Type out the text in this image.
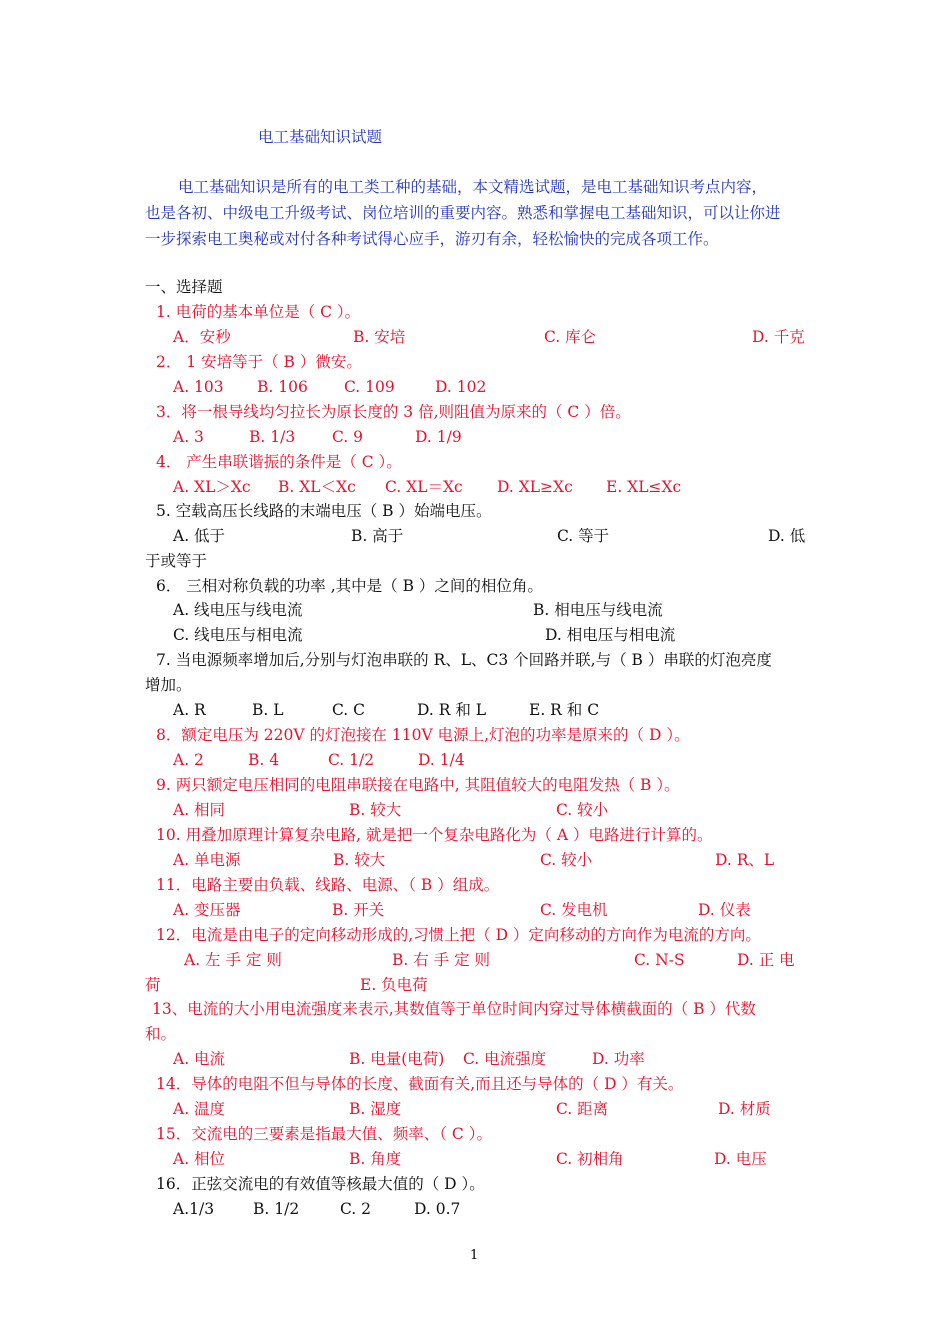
电工基础知识试题
电工基础知识是所有的电工类工种的基础，本文精选试题，是电工基础知识考点内容，
也是各初、中级电工升级考试、岗位培训的重要内容。熟悉和掌握电工基础知识，可以让你进
一步探索电工奥秘或对付各种考试得心应手，游刃有余，轻松愉快的完成各项工作。
一、选择题
1. 电荷的基本单位是（ C ）。
A．安秒	B. 安培	C. 库仑	D. 千克
2． 1 安培等于（ B ）微安。
A. 103 B. 106 C. 109	D. 102
3．将一根导线均匀拉长为原长度的 3 倍,则阻值为原来的（ C ）倍。
A. 3	B. 1/3 C. 9	D. 1/9
4． 产生串联谐振的条件是（ C ）。
A. XL＞Xc B. XL＜Xc C. XL＝Xc D. XL≥Xc E. XL≤Xc
5. 空载高压长线路的末端电压（ B ）始端电压。
A. 低于	B. 高于	C. 等于	D. 低
于或等于
6． 三相对称负载的功率 ,其中是（ B ）之间的相位角。
A. 线电压与线电流	B. 相电压与线电流
C. 线电压与相电流	D. 相电压与相电流
7. 当电源频率增加后,分别与灯泡串联的 R、L、C3 个回路并联,与（ B ）串联的灯泡亮度
增加。
A. R	B. L	C. C	D. R 和 L	E. R 和 C
8．额定电压为 220V 的灯泡接在 110V 电源上,灯泡的功率是原来的（ D ）。
A. 2	B. 4	C. 1/2	D. 1/4
9. 两只额定电压相同的电阻串联接在电路中, 其阻值较大的电阻发热（ B ）。
A. 相同	B. 较大	C. 较小
10. 用叠加原理计算复杂电路, 就是把一个复杂电路化为（ A ）电路进行计算的。
A. 单电源	B. 较大	C. 较小	D. R、L
11．电路主要由负载、线路、电源、（ B ）组成。
A. 变压器	B. 开关	C. 发电机	D. 仪表
12．电流是由电子的定向移动形成的,习惯上把（ D ）定向移动的方向作为电流的方向。
A. 左 手 定 则	B. 右 手 定 则	C. N-S	D. 正 电
荷	E. 负电荷
13、电流的大小用电流强度来表示,其数值等于单位时间内穿过导体横截面的（ B ）代数
和。
A. 电流	B. 电量(电荷) C. 电流强度	D. 功率
14．导体的电阻不但与导体的长度、截面有关,而且还与导体的（ D ）有关。
A. 温度	B. 湿度	C. 距离	D. 材质
15．交流电的三要素是指最大值、频率、（ C ）。
A. 相位	B. 角度	C. 初相角	D. 电压
16．正弦交流电的有效值等核最大值的（ D ）。
A.1/3	B. 1/2	C. 2	D. 0.7
1
